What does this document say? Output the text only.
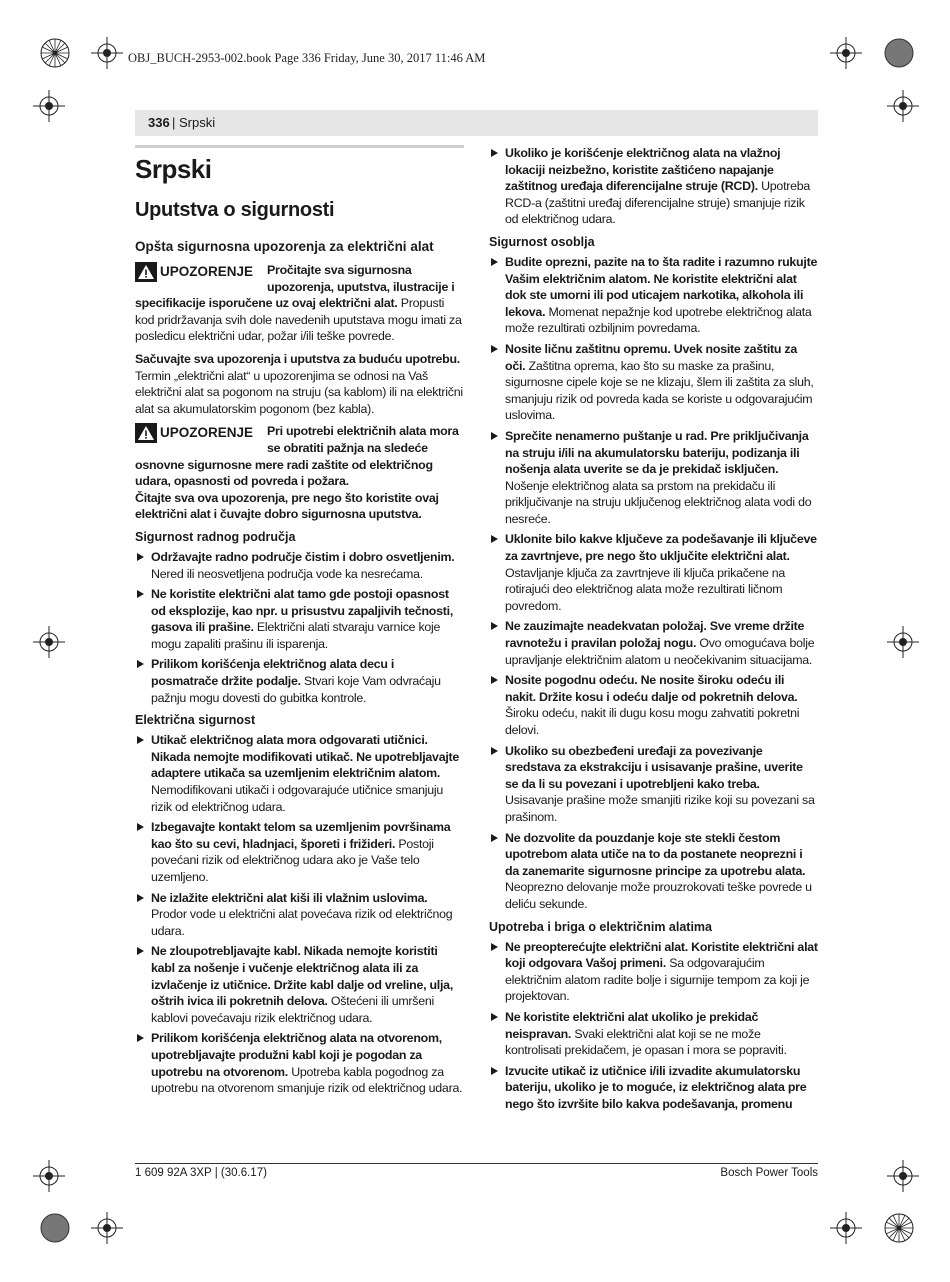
OBJ_BUCH-2953-002.book Page 336 Friday, June 30, 2017 11:46 AM
336 | Srpski
Srpski
Uputstva o sigurnosti
Opšta sigurnosna upozorenja za električni alat
UPOZORENJE Pročitajte sva sigurnosna upozorenja, uputstva, ilustracije i specifikacije isporučene uz ovaj električni alat. Propusti kod pridržavanja svih dole navedenih uputstava mogu imati za posledicu električni udar, požar i/ili teške povrede.

Sačuvajte sva upozorenja i uputstva za buduću upotrebu.

Termin „električni alat“ u upozorenjima se odnosi na Vaš električni alat sa pogonom na struju (sa kablom) ili na električni alat sa akumulatorskim pogonom (bez kabla).

UPOZORENJE Pri upotrebi električnih alata mora se obratiti pažnja na sledeće osnovne sigurnosne mere radi zaštite od električnog udara, opasnosti od povreda i požara.
Čitajte sva ova upozorenja, pre nego što koristite ovaj električni alat i čuvajte dobro sigurnosna uputstva.
Sigurnost radnog područja
Održavajte radno područje čistim i dobro osvetljenim. Nered ili neosvetljena područja vode ka nesrećama.
Ne koristite električni alat tamo gde postoji opasnost od eksplozije, kao npr. u prisustvu zapaljivih tečnosti, gasova ili prašine. Električni alati stvaraju varnice koje mogu zapaliti prašinu ili isparenja.
Prilikom korišćenja električnog alata decu i posmatrače držite podalje. Stvari koje Vam odvraćaju pažnju mogu dovesti do gubitka kontrole.
Električna sigurnost
Utikač električnog alata mora odgovarati utičnici. Nikada nemojte modifikovati utikač. Ne upotrebljavajte adaptere utikača sa uzemljenim električnim alatom. Nemodifikovani utikači i odgovarajuće utičnice smanjuju rizik od električnog udara.
Izbegavajte kontakt telom sa uzemljenim površinama kao što su cevi, hladnjaci, šporeti i frižideri. Postoji povećani rizik od električnog udara ako je Vaše telo uzemljeno.
Ne izlažite električni alat kiši ili vlažnim uslovima. Prodor vode u električni alat povećava rizik od električnog udara.
Ne zloupotrebljavajte kabl. Nikada nemojte koristiti kabl za nošenje i vučenje električnog alata ili za izvlačenje iz utičnice. Držite kabl dalje od vreline, ulja, oštrih ivica ili pokretnih delova. Oštećeni ili umršeni kablovi povećavaju rizik električnog udara.
Prilikom korišćenja električnog alata na otvorenom, upotrebljavajte produžni kabl koji je pogodan za upotrebu na otvorenom. Upotreba kabla pogodnog za upotrebu na otvorenom smanjuje rizik od električnog udara.
Ukoliko je korišćenje električnog alata na vlažnoj lokaciji neizbežno, koristite zaštićeno napajanje zaštitnog uređaja diferencijalne struje (RCD). Upotreba RCD-a (zaštitni uređaj diferencijalne struje) smanjuje rizik od električnog udara.
Sigurnost osoblja
Budite oprezni, pazite na to šta radite i razumno rukujte Vašim električnim alatom. Ne koristite električni alat dok ste umorni ili pod uticajem narkotika, alkohola ili lekova. Momenat nepažnje kod upotrebe električnog alata može rezultirati ozbiljnim povredama.
Nosite ličnu zaštitnu opremu. Uvek nosite zaštitu za oči. Zaštitna oprema, kao što su maske za prašinu, sigurnosne cipele koje se ne klizaju, šlem ili zaštita za sluh, smanjuju rizik od povreda kada se koriste u odgovarajućim uslovima.
Sprečite nenamerno puštanje u rad. Pre priključivanja na struju i/ili na akumulatorsku bateriju, podizanja ili nošenja alata uverite se da je prekidač isključen. Nošenje električnog alata sa prstom na prekidaču ili priključivanje na struju uključenog električnog alata vodi do nesreće.
Uklonite bilo kakve ključeve za podešavanje ili ključeve za zavrtnjeve, pre nego što uključite električni alat. Ostavljanje ključa za zavrtnjeve ili ključa prikačene na rotirajući deo električnog alata može rezultirati ličnom povredom.
Ne zauzimajte neadekvatan položaj. Sve vreme držite ravnotežu i pravilan položaj nogu. Ovo omogućava bolje upravljanje električnim alatom u neočekivanim situacijama.
Nosite pogodnu odeću. Ne nosite široku odeću ili nakit. Držite kosu i odeću dalje od pokretnih delova. Široku odeću, nakit ili dugu kosu mogu zahvatiti pokretni delovi.
Ukoliko su obezbeđeni uređaji za povezivanje sredstava za ekstrakciju i usisavanje prašine, uverite se da li su povezani i upotrebljeni kako treba. Usisavanje prašine može smanjiti rizike koji su povezani sa prašinom.
Ne dozvolite da pouzdanje koje ste stekli čestom upotrebom alata utiče na to da postanete neoprezni i da zanemarite sigurnosne principe za upotrebu alata. Neoprezno delovanje može prouzrokovati teške povrede u deliću sekunde.
Upotreba i briga o električnim alatima
Ne preopterećujte električni alat. Koristite električni alat koji odgovara Vašoj primeni. Sa odgovarajućim električnim alatom radite bolje i sigurnije tempom za koji je projektovan.
Ne koristite električni alat ukoliko je prekidač neispravan. Svaki električni alat koji se ne može kontrolisati prekidačem, je opasan i mora se popraviti.
Izvucite utikač iz utičnice i/ili izvadite akumulatorsku bateriju, ukoliko je to moguće, iz električnog alata pre nego što izvršite bilo kakva podešavanja, promenu
1 609 92A 3XP | (30.6.17)	Bosch Power Tools
